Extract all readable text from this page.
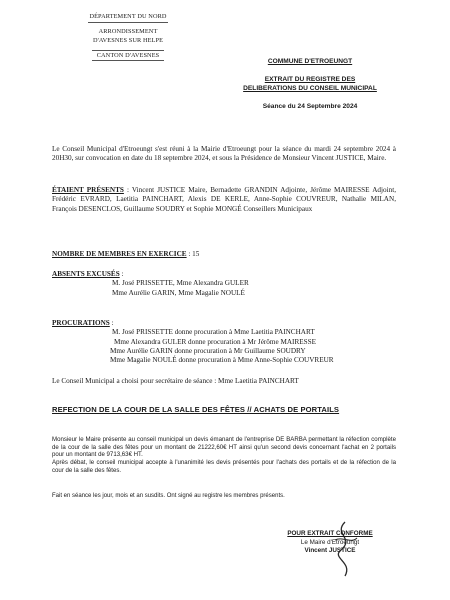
DÉPARTEMENT DU NORD
ARRONDISSEMENT
D'AVESNES SUR HELPE
CANTON D'AVESNES
COMMUNE D'ETROEUNGT
EXTRAIT DU REGISTRE DES
DELIBERATIONS DU CONSEIL MUNICIPAL
Séance du 24 Septembre 2024

Le Conseil Municipal d'Etroeungt s'est réuni à la Mairie d'Etroeungt pour la séance du mardi 24 septembre 2024 à 20H30, sur convocation en date du 18 septembre 2024, et sous la Présidence de Monsieur Vincent JUSTICE, Maire.

ÉTAIENT PRÉSENTS : Vincent JUSTICE Maire, Bernadette GRANDIN Adjointe, Jérôme MAIRESSE Adjoint, Frédéric EVRARD, Laetitia PAINCHART, Alexis DE KERLE, Anne-Sophie COUVREUR, Nathalie MILAN, François DESENCLOS, Guillaume SOUDRY et Sophie MONGÉ Conseillers Municipaux

NOMBRE DE MEMBRES EN EXERCICE : 15

ABSENTS EXCUSÉS :
M. José PRISSETTE, Mme Alexandra GULER
Mme Aurélie GARIN, Mme Magalie NOULÉ
PROCURATIONS :
M. José PRISSETTE donne procuration à Mme Laetitia PAINCHART
Mme Alexandra GULER donne procuration à Mr Jérôme MAIRESSE
Mme Aurélie GARIN donne procuration à Mr Guillaume SOUDRY
Mme Magalie NOULÉ donne procuration à Mme Anne-Sophie COUVREUR

Le Conseil Municipal a choisi pour secrétaire de séance : Mme Laetitia PAINCHART

REFECTION DE LA COUR DE LA SALLE DES FÊTES // ACHATS DE PORTAILS
Monsieur le Maire présente au conseil municipal un devis émanant de l'entreprise DE BARBA permettant la réfection complète de la cour de la salle des fêtes pour un montant de 21222,60€ HT ainsi qu'un second devis concernant l'achat en 2 portails pour un montant de 9713,63€ HT.
Après débat, le conseil municipal accepte à l'unanimité les devis présentés pour l'achats des portails et de la réfection de la cour de la salle des fêtes.
Fait en séance les jour, mois et an susdits. Ont signé au registre les membres présents.
POUR EXTRAIT CONFORME
Le Maire d'Etroeungt
Vincent JUSTICE
